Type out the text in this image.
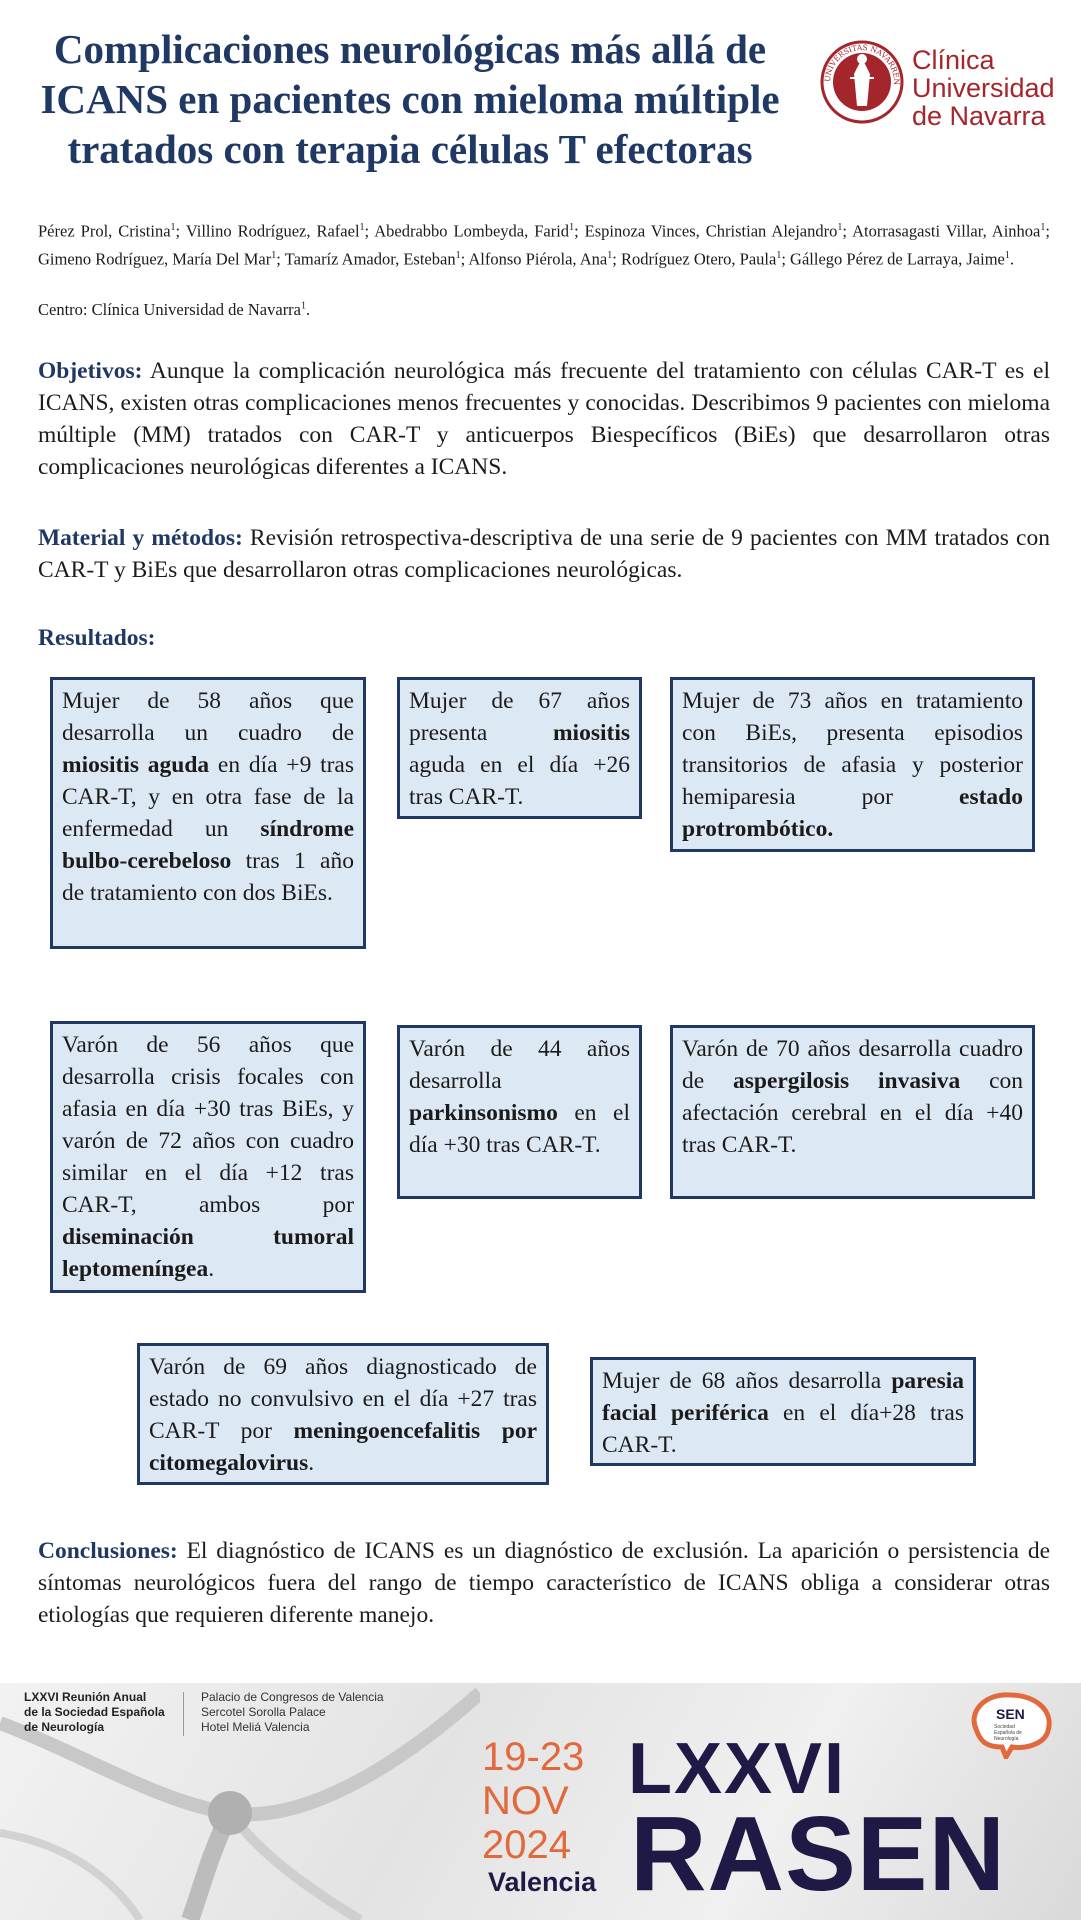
Complicaciones neurológicas más allá de
ICANS en pacientes con mieloma múltiple
tratados con terapia células T efectoras
UNIVERSITAS NAVARREN
Clínica
Universidad
de Navarra

Pérez Prol, Cristina$^1$; Villino Rodríguez, Rafael$^1$; Abedrabbo Lombeyda, Farid$^1$; Espinoza Vinces, Christian Alejandro$^1$; Atorrasagasti Villar, Ainhoa$^1$; Gimeno Rodríguez, María Del Mar$^1$; Tamaríz Amador, Esteban$^1$; Alfonso Piérola, Ana$^1$; Rodríguez Otero, Paula$^1$; Gállego Pérez de Larraya, Jaime$^1$.

Centro: Clínica Universidad de Navarra$^1$.

Objetivos: Aunque la complicación neurológica más frecuente del tratamiento con células CAR-T es el ICANS, existen otras complicaciones menos frecuentes y conocidas. Describimos 9 pacientes con mieloma múltiple (MM) tratados con CAR-T y anticuerpos Biespecíficos (BiEs) que desarrollaron otras complicaciones neurológicas diferentes a ICANS.

Material y métodos: Revisión retrospectiva-descriptiva de una serie de 9 pacientes con MM tratados con CAR-T y BiEs que desarrollaron otras complicaciones neurológicas.

Resultados:

Mujer de 58 años que desarrolla un cuadro de miositis aguda en día +9 tras CAR-T, y en otra fase de la enfermedad un síndrome bulbo-cerebeloso tras 1 año de tratamiento con dos BiEs.

Mujer de 67 años presenta miositis aguda en el día +26 tras CAR-T.

Mujer de 73 años en tratamiento con BiEs, presenta episodios transitorios de afasia y posterior hemiparesia por estado protrombótico.

Varón de 56 años que desarrolla crisis focales con afasia en día +30 tras BiEs, y varón de 72 años con cuadro similar en el día +12 tras CAR-T, ambos por diseminación tumoral leptomeníngea.

Varón de 44 años desarrolla parkinsonismo en el día +30 tras CAR-T.

Varón de 70 años desarrolla cuadro de aspergilosis invasiva con afectación cerebral en el día +40 tras CAR-T.

Varón de 69 años diagnosticado de estado no convulsivo en el día +27 tras CAR-T por meningoencefalitis por citomegalovirus.

Mujer de 68 años desarrolla paresia facial periférica en el día+28 tras CAR-T.

Conclusiones: El diagnóstico de ICANS es un diagnóstico de exclusión. La aparición o persistencia de síntomas neurológicos fuera del rango de tiempo característico de ICANS obliga a considerar otras etiologías que requieren diferente manejo.

LXXVI Reunión Anual
de la Sociedad Española
de Neurología
Palacio de Congresos de Valencia
Sercotel Sorolla Palace
Hotel Meliá Valencia
19-23
NOV
2024
Valencia
LXXVI
RASEN
SEN
Sociedad Española de Neurología
